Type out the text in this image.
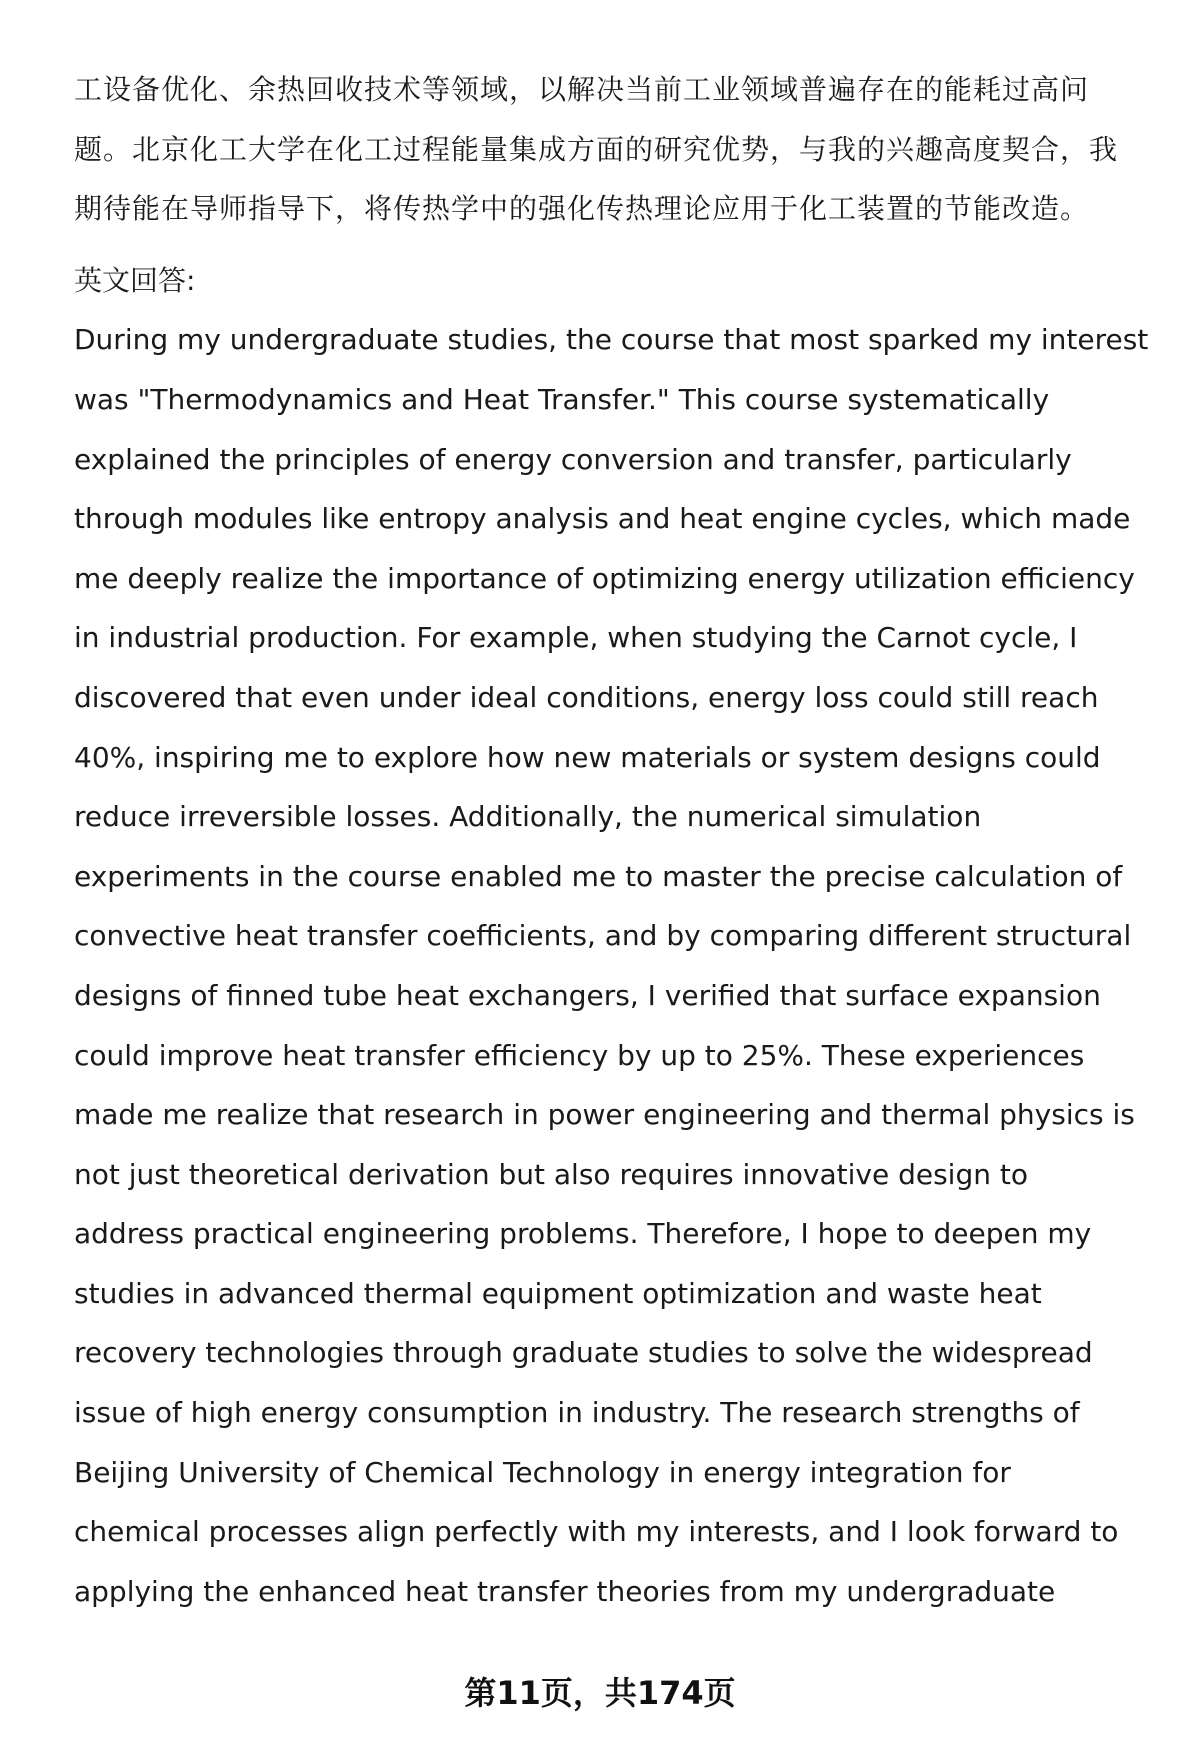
工设备优化、余热回收技术等领域，以解决当前工业领域普遍存在的能耗过高问
题。北京化工大学在化工过程能量集成方面的研究优势，与我的兴趣高度契合，我
期待能在导师指导下，将传热学中的强化传热理论应用于化工装置的节能改造。
英文回答:
During my undergraduate studies, the course that most sparked my interest
was "Thermodynamics and Heat Transfer." This course systematically
explained the principles of energy conversion and transfer, particularly
through modules like entropy analysis and heat engine cycles, which made
me deeply realize the importance of optimizing energy utilization efficiency
in industrial production. For example, when studying the Carnot cycle, I
discovered that even under ideal conditions, energy loss could still reach
40%, inspiring me to explore how new materials or system designs could
reduce irreversible losses. Additionally, the numerical simulation
experiments in the course enabled me to master the precise calculation of
convective heat transfer coefficients, and by comparing different structural
designs of finned tube heat exchangers, I verified that surface expansion
could improve heat transfer efficiency by up to 25%. These experiences
made me realize that research in power engineering and thermal physics is
not just theoretical derivation but also requires innovative design to
address practical engineering problems. Therefore, I hope to deepen my
studies in advanced thermal equipment optimization and waste heat
recovery technologies through graduate studies to solve the widespread
issue of high energy consumption in industry. The research strengths of
Beijing University of Chemical Technology in energy integration for
chemical processes align perfectly with my interests, and I look forward to
applying the enhanced heat transfer theories from my undergraduate
第11页，共174页
